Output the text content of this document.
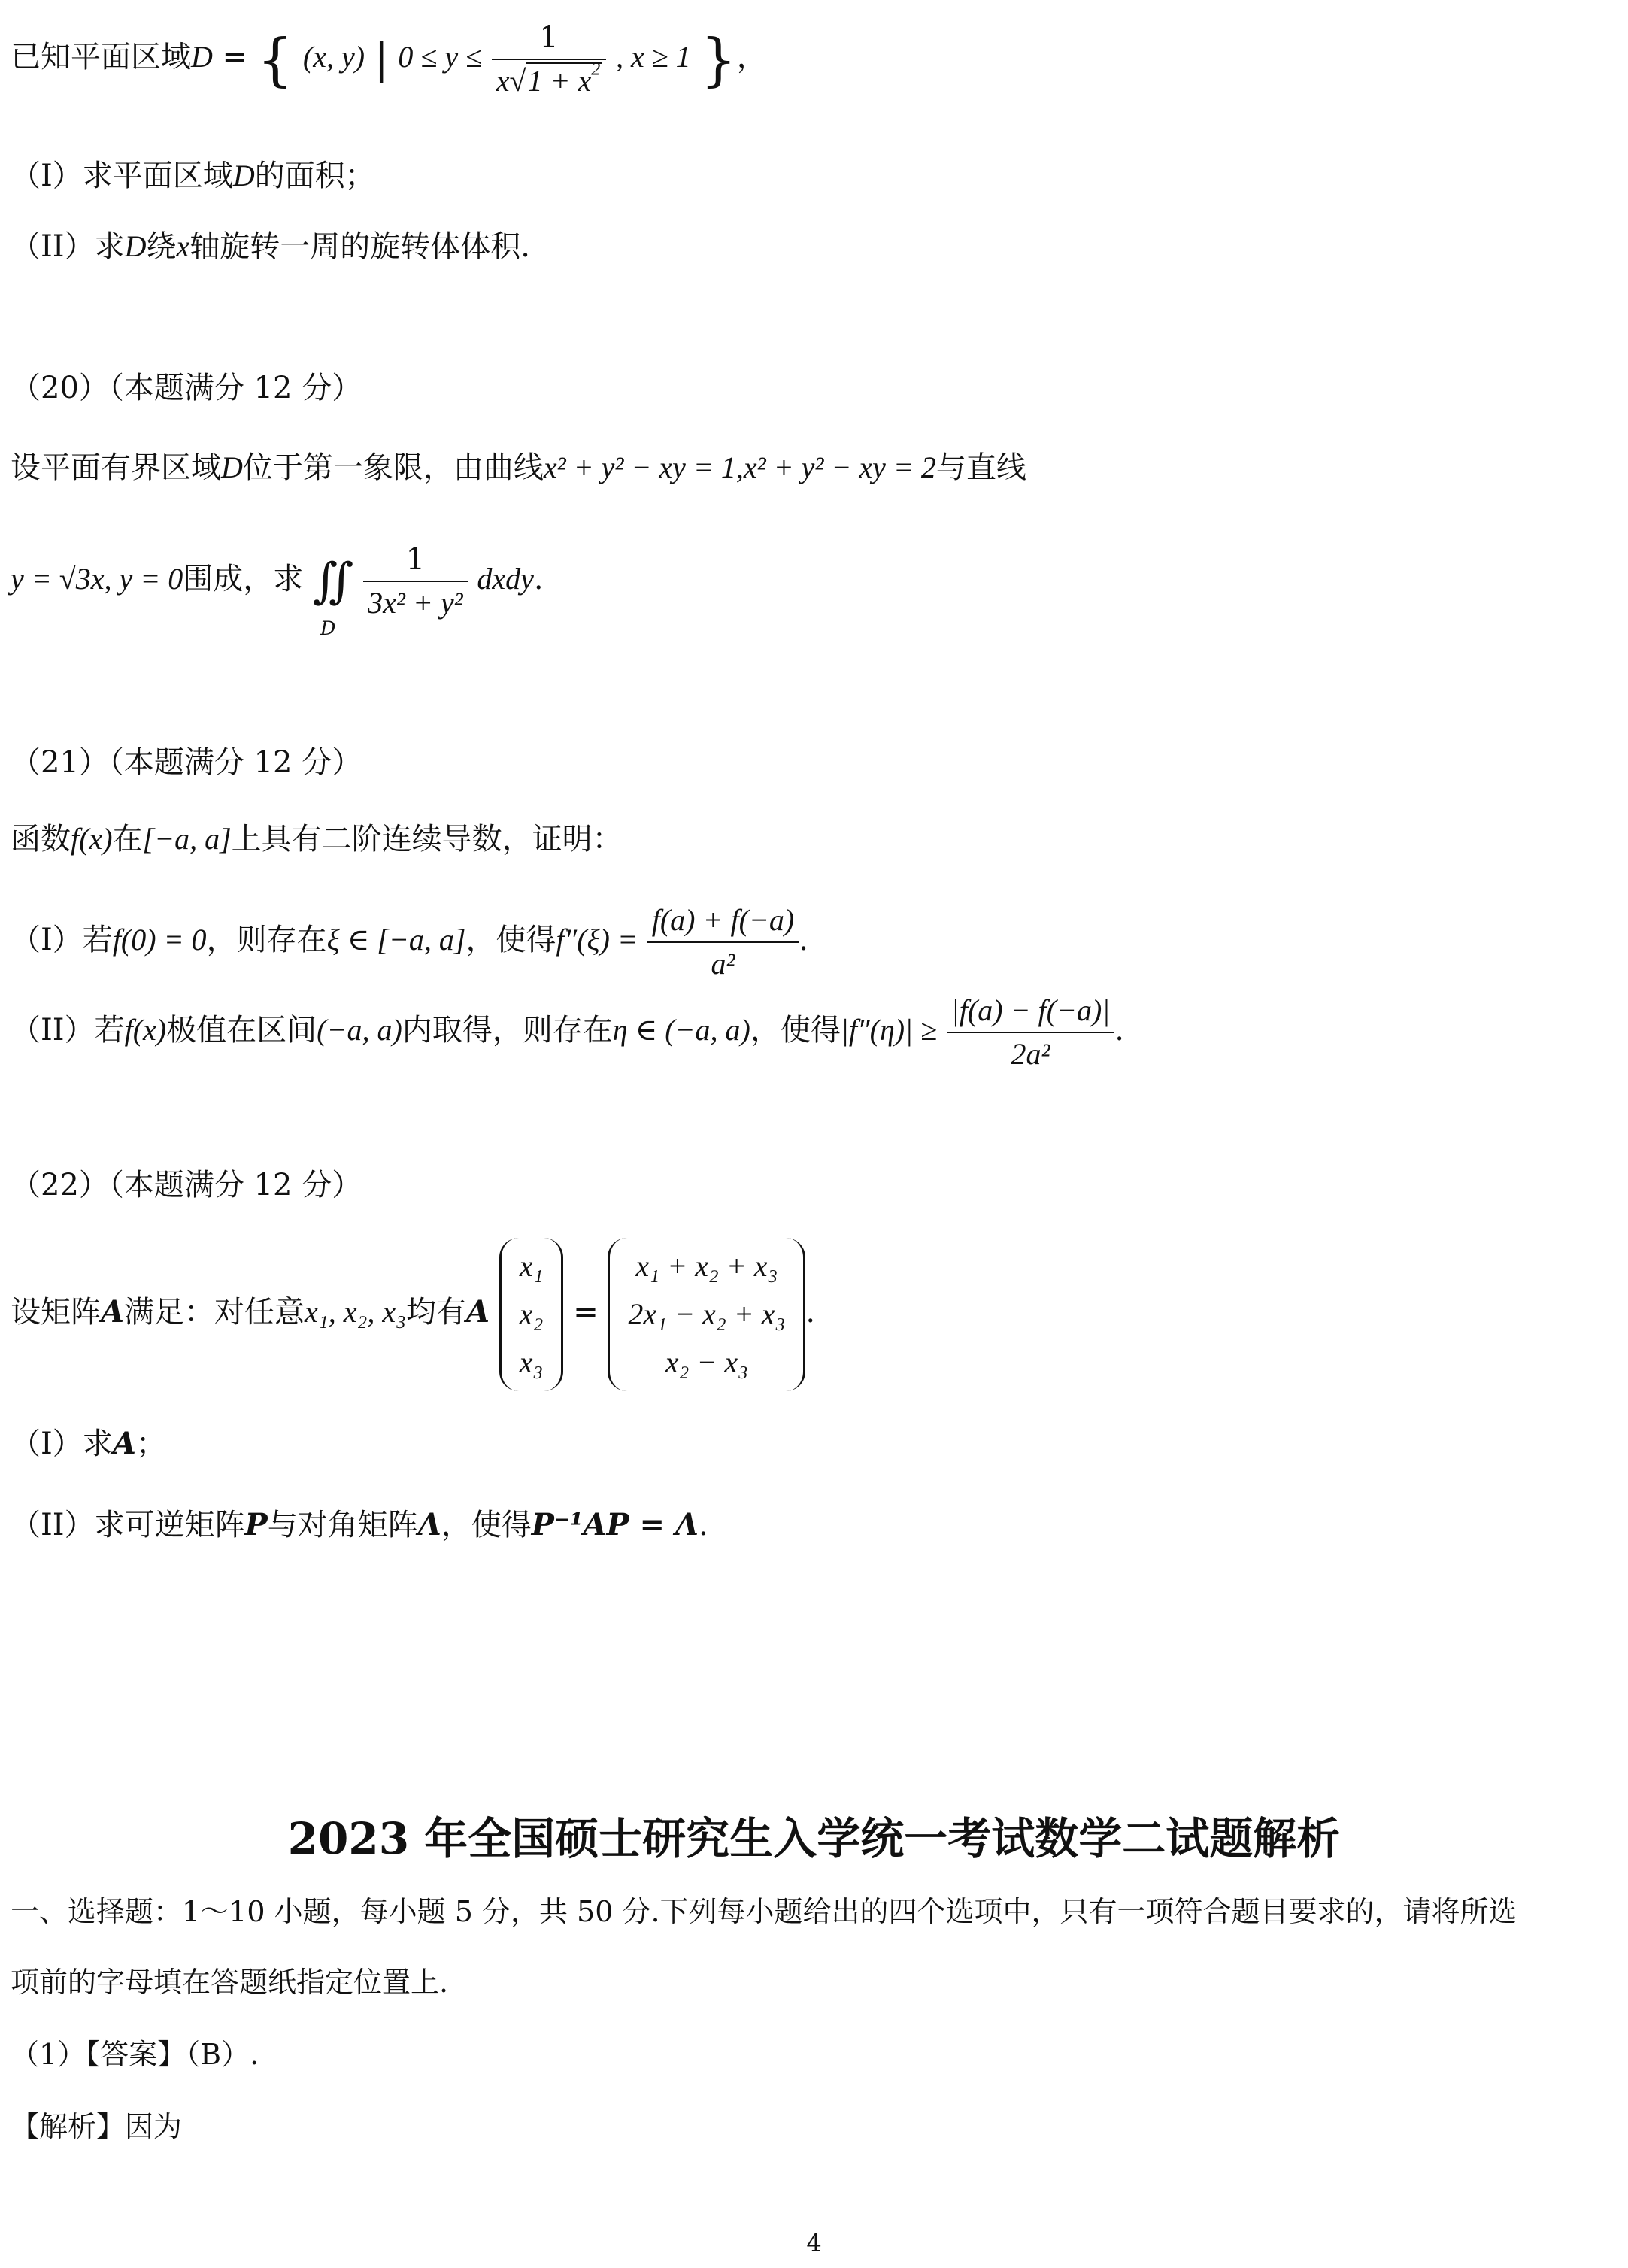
已知平面区域D = { (x, y) | $0 \le y \le \frac{1}{x√1 + x^2}$ , x ≥ 1 }，
（I）求平面区域D的面积；
（II）求D绕x轴旋转一周的旋转体体积.
（20）（本题满分 12 分）
设平面有界区域D位于第一象限，由曲线x² + y² − xy = 1,x² + y² − xy = 2与直线
y = √3x, y = 0围成，求 ∬
D

$\frac{1}{\text{3x² + y²}}$ dxdy.
（21）（本题满分 12 分）
函数f(x)在[−a, a]上具有二阶连续导数，证明：
（I）若f(0) = 0，则存在ξ ∈ [−a, a]，使得$f''(\xi) = \frac{f(a) + f(-a)}{\text{a²}}$ .
（II）若f(x)极值在区间(−a, a)内取得，则存在η ∈ (−a, a)，使得$|f''(\eta)| \ge \frac{|f(a) - f(-a)|}{\text{2a²}}$ .
（22）（本题满分 12 分）
设矩阵A满足：对任意x₁, x₂, x₃均有A
x₁
x₂
x₃
=
x₁ + x₂ + x₃
2x₁ − x₂ + x₃
x₂ − x₃
.
（I）求A；
（II）求可逆矩阵P与对角矩阵Λ，使得P⁻¹AP = Λ.
2023 年全国硕士研究生入学统一考试数学二试题解析
一、选择题：1～10 小题，每小题 5 分，共 50 分.下列每小题给出的四个选项中，只有一项符合题目要求的，请将所选
项前的字母填在答题纸指定位置上.
（1）【答案】（B）.
【解析】因为
4
